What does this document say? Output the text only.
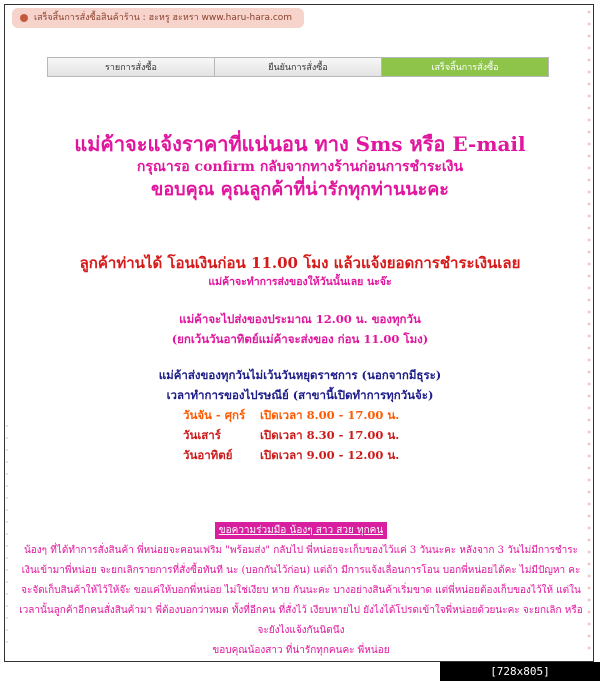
เสร็จสิ้นการสั่งซื้อสินค้าร้าน : ฮะหรู ฮะหรา www.haru-hara.com
รายการสั่งซื้อ	ยืนยันการสั่งซื้อ	เสร็จสิ้นการสั่งซื้อ
แม่ค้าจะแจ้งราคาที่แน่นอน ทาง Sms หรือ E-mail
กรุณารอ confirm กลับจากทางร้านก่อนการชำระเงิน
ขอบคุณ คุณลูกค้าที่น่ารักทุกท่านนะคะ
ลูกค้าท่านได้ โอนเงินก่อน 11.00 โมง แล้วแจ้งยอดการชำระเงินเลย
แม่ค้าจะทำการส่งของให้วันนั้นเลย นะจ๊ะ
แม่ค้าจะไปส่งของประมาณ 12.00 น. ของทุกวัน
(ยกเว้นวันอาทิตย์แม่ค้าจะส่งของ ก่อน 11.00 โมง)
แม่ค้าส่งของทุกวันไม่เว้นวันหยุดราชการ (นอกจากมีธุระ)
เวลาทำการของไปรษณีย์ (สาขานี้เปิดทำการทุกวันจ้ะ)
วันจัน - ศุกร์	เปิดเวลา 8.00 - 17.00 น.
วันเสาร์	เปิดเวลา 8.30 - 17.00 น.
วันอาทิตย์	เปิดเวลา 9.00 - 12.00 น.
ขอความร่วมมือ น้องๆ สาว สวย ทุกคน
น้องๆ ที่ได้ทำการสั่งสินค้า พี่หน่อยจะคอนเฟริม "พร้อมส่ง" กลับไป พี่หน่อยจะเก็บของไว้แค่ 3 วันนะคะ หลังจาก 3 วันไม่มีการชำระเงินเข้ามาพี่หน่อย จะยกเลิกรายการที่สั่งซื้อทันที นะ (บอกกันไว้ก่อน) แต่ถ้า มีการแจ้งเลื่อนการโอน บอกพี่หน่อยได้คะ ไม่มีปัญหา คะ จะจัดเก็บสินค้าให้ไว้ให้จ๊ะ ขอแค่ให้บอกพี่หน่อย ไม่ใช่เงียบ หาย กันนะคะ บางอย่างสินค้าเริ่มขาด แต่พี่หน่อยต้องเก็บของไว้ให้ แต่ในเวลานั้นลูกค้าอีกคนสั่งสินค้ามา พี่ต้องบอกว่าหมด ทั้งที่อีกคน ที่สั่งไว้ เงียบหายไป ยังไงได้โปรดเข้าใจพี่หน่อยด้วยนะคะ จะยกเลิก หรือจะยังไงแจ้งกันนิดนึง
ขอบคุณน้องสาว ที่น่ารักทุกคนคะ พี่หน่อย
[728x805] https://upic.me/
